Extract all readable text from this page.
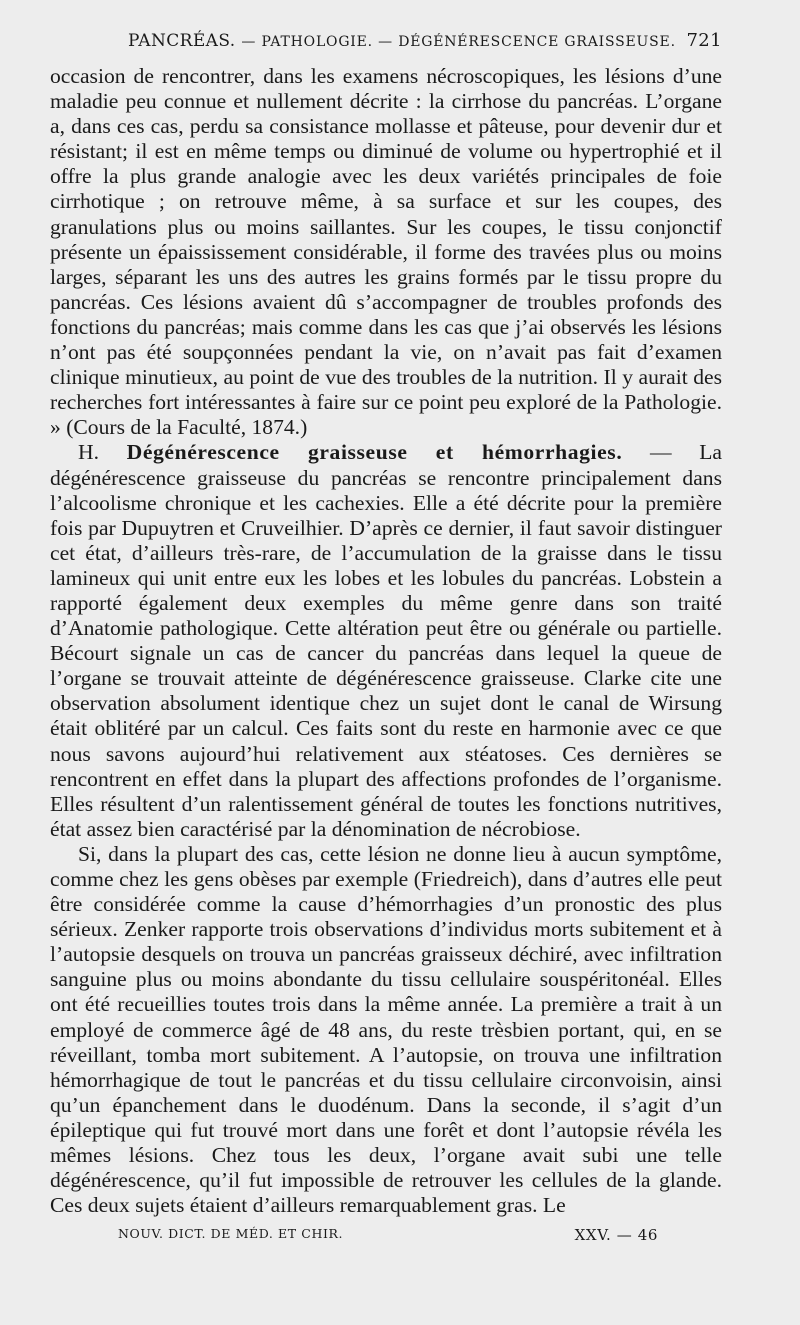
PANCRÉAS. — PATHOLOGIE. — DÉGÉNÉRESCENCE GRAISSEUSE. 721

occasion de rencontrer, dans les examens nécroscopiques, les lésions d’une maladie peu connue et nullement décrite : la cirrhose du pancréas. L’organe a, dans ces cas, perdu sa consistance mollasse et pâteuse, pour devenir dur et résistant; il est en même temps ou diminué de volume ou hypertrophié et il offre la plus grande analogie avec les deux variétés principales de foie cirrhotique ; on retrouve même, à sa surface et sur les coupes, des granulations plus ou moins saillantes. Sur les coupes, le tissu conjonctif présente un épaississement considérable, il forme des travées plus ou moins larges, séparant les uns des autres les grains formés par le tissu propre du pancréas. Ces lésions avaient dû s’accompagner de troubles profonds des fonctions du pancréas; mais comme dans les cas que j’ai observés les lésions n’ont pas été soupçonnées pendant la vie, on n’avait pas fait d’examen clinique minutieux, au point de vue des troubles de la nutrition. Il y aurait des recherches fort intéressantes à faire sur ce point peu exploré de la Pathologie. » (Cours de la Faculté, 1874.)

H. Dégénérescence graisseuse et hémorrhagies. — La dégénérescence graisseuse du pancréas se rencontre principalement dans l’alcoolisme chronique et les cachexies. Elle a été décrite pour la première fois par Dupuytren et Cruveilhier. D’après ce dernier, il faut savoir distinguer cet état, d’ailleurs très-rare, de l’accumulation de la graisse dans le tissu lamineux qui unit entre eux les lobes et les lobules du pancréas. Lobstein a rapporté également deux exemples du même genre dans son traité d’Anatomie pathologique. Cette altération peut être ou générale ou partielle. Bécourt signale un cas de cancer du pancréas dans lequel la queue de l’organe se trouvait atteinte de dégénérescence graisseuse. Clarke cite une observation absolument identique chez un sujet dont le canal de Wirsung était oblitéré par un calcul. Ces faits sont du reste en harmonie avec ce que nous savons aujourd’hui relativement aux stéatoses. Ces dernières se rencontrent en effet dans la plupart des affections profondes de l’organisme. Elles résultent d’un ralentissement général de toutes les fonctions nutritives, état assez bien caractérisé par la dénomination de nécrobiose.

Si, dans la plupart des cas, cette lésion ne donne lieu à aucun symptôme, comme chez les gens obèses par exemple (Friedreich), dans d’autres elle peut être considérée comme la cause d’hémorrhagies d’un pronostic des plus sérieux. Zenker rapporte trois observations d’individus morts subitement et à l’autopsie desquels on trouva un pancréas graisseux déchiré, avec infiltration sanguine plus ou moins abondante du tissu cellulaire souspéritonéal. Elles ont été recueillies toutes trois dans la même année. La première a trait à un employé de commerce âgé de 48 ans, du reste trèsbien portant, qui, en se réveillant, tomba mort subitement. A l’autopsie, on trouva une infiltration hémorrhagique de tout le pancréas et du tissu cellulaire circonvoisin, ainsi qu’un épanchement dans le duodénum. Dans la seconde, il s’agit d’un épileptique qui fut trouvé mort dans une forêt et dont l’autopsie révéla les mêmes lésions. Chez tous les deux, l’organe avait subi une telle dégénérescence, qu’il fut impossible de retrouver les cellules de la glande. Ces deux sujets étaient d’ailleurs remarquablement gras. Le

NOUV. DICT. DE MÉD. ET CHIR.	XXV. — 46
